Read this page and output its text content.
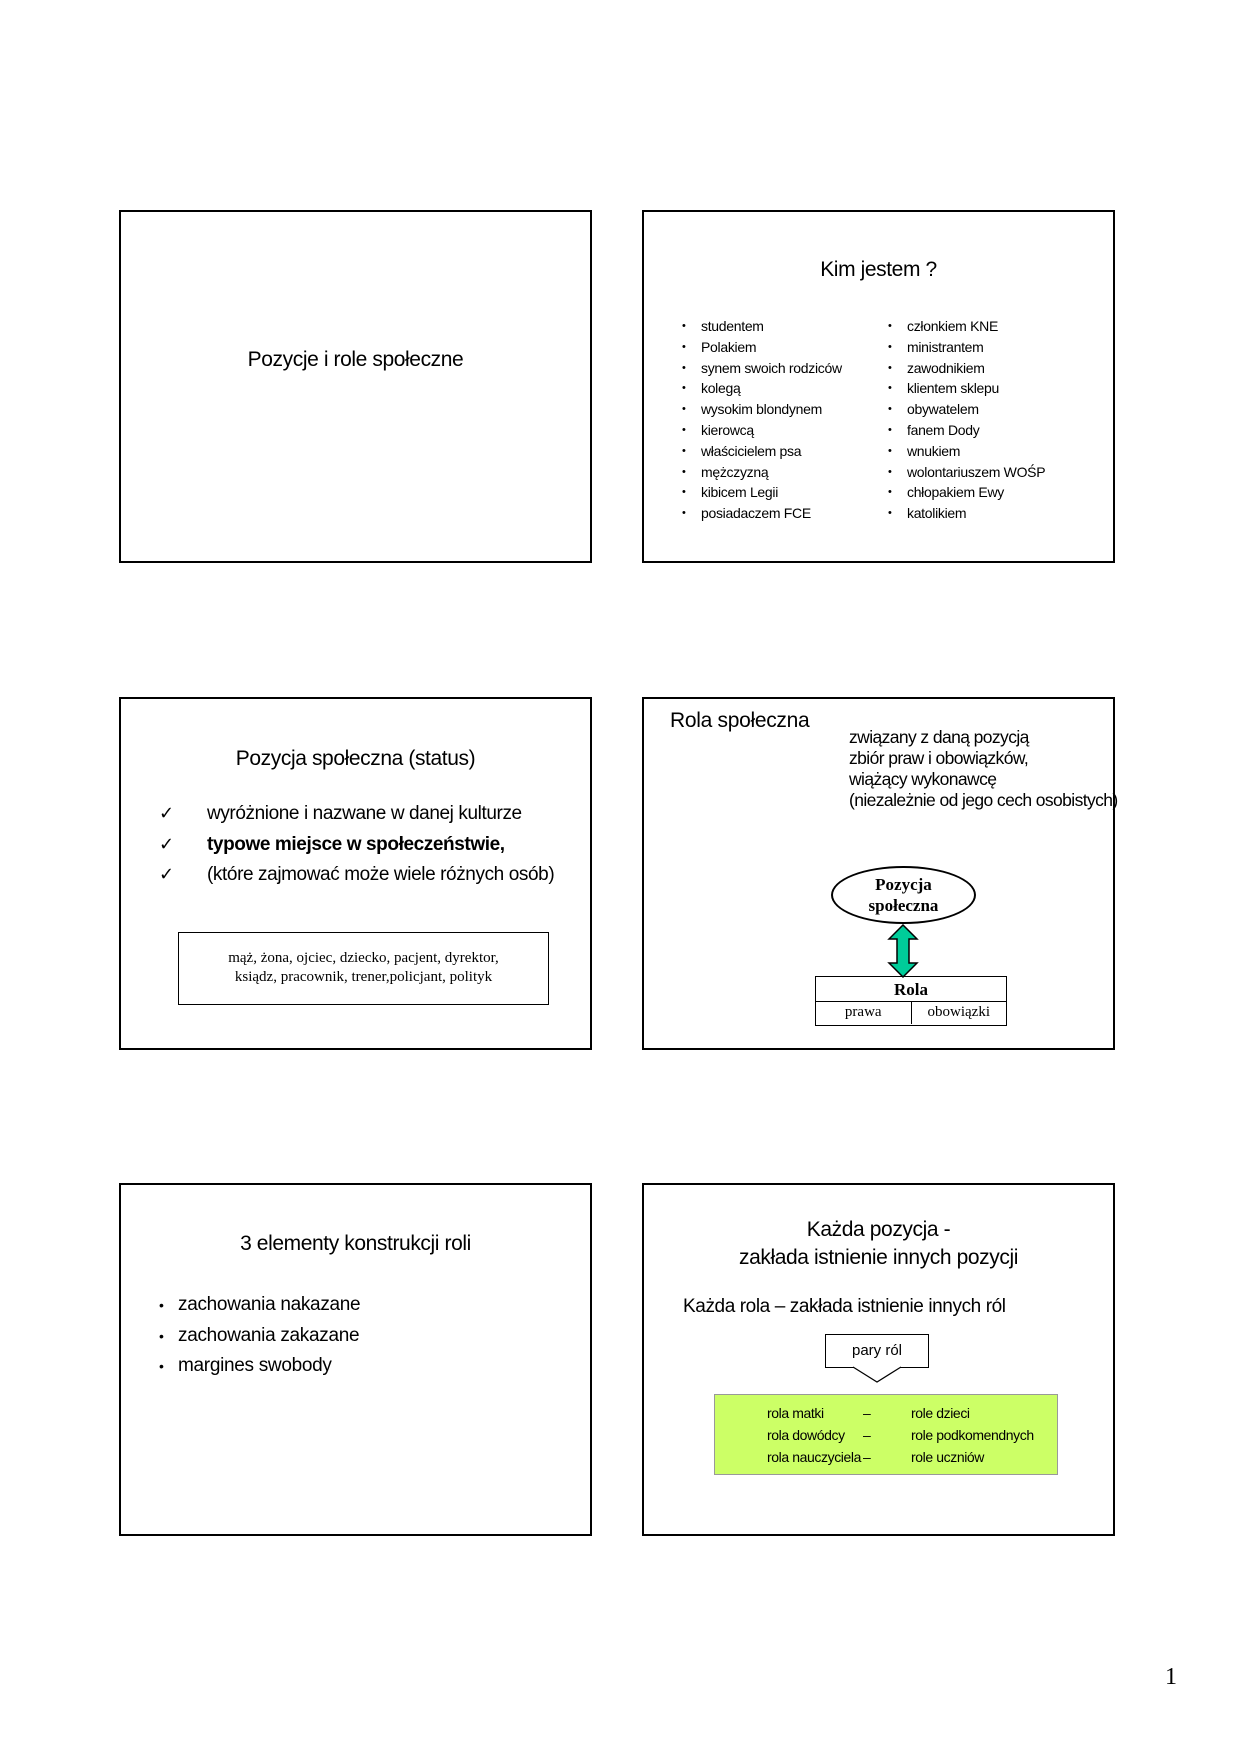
Pozycje i role społeczne
Kim jestem ?
• studentem
• Polakiem
• synem swoich rodziców
• kolegą
• wysokim blondynem
• kierowcą
• właścicielem psa
• mężczyzną
• kibicem Legii
• posiadaczem FCE
• członkiem KNE
• ministrantem
• zawodnikiem
• klientem sklepu
• obywatelem
• fanem Dody
• wnukiem
• wolontariuszem WOŚP
• chłopakiem Ewy
• katolikiem
Pozycja społeczna (status)
✓ wyróżnione i nazwane w danej kulturze
✓ typowe miejsce w społeczeństwie,
✓ (które zajmować może wiele różnych osób)
mąż, żona, ojciec, dziecko, pacjent, dyrektor,
ksiądz, pracownik, trener,policjant, polityk
Rola społeczna
związany z daną pozycją
zbiór praw i obowiązków,
wiążący wykonawcę
(niezależnie od jego cech osobistych)
Pozycja
społeczna
Rola
prawa	obowiązki
3 elementy konstrukcji roli
• zachowania nakazane
• zachowania zakazane
• margines swobody
Każda pozycja -
zakłada istnienie innych pozycji
Każda rola – zakłada istnienie innych ról
pary ról
rola matki	–	role dzieci
rola dowódcy –	role podkomendnych
rola nauczyciela –	role uczniów
1
